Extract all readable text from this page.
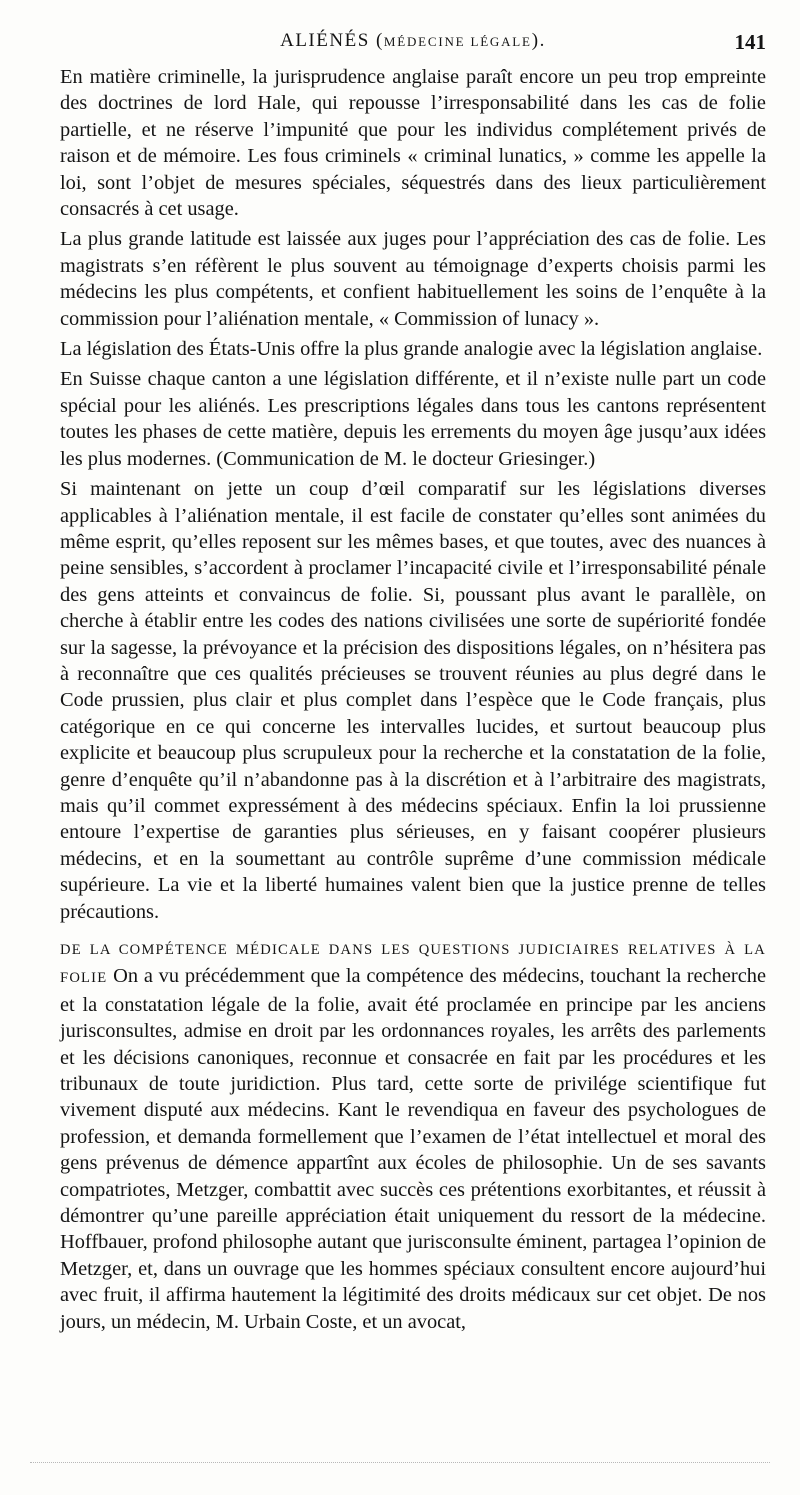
ALIÉNÉS (MÉDECINE LÉGALE).	141

En matière criminelle, la jurisprudence anglaise paraît encore un peu trop empreinte des doctrines de lord Hale, qui repousse l’irresponsabilité dans les cas de folie partielle, et ne réserve l’impunité que pour les individus complétement privés de raison et de mémoire. Les fous criminels « criminal lunatics, » comme les appelle la loi, sont l’objet de mesures spéciales, séquestrés dans des lieux particulièrement consacrés à cet usage.

La plus grande latitude est laissée aux juges pour l’appréciation des cas de folie. Les magistrats s’en réfèrent le plus souvent au témoignage d’experts choisis parmi les médecins les plus compétents, et confient habituellement les soins de l’enquête à la commission pour l’aliénation mentale, « Commission of lunacy ».

La législation des États-Unis offre la plus grande analogie avec la législation anglaise.

En Suisse chaque canton a une législation différente, et il n’existe nulle part un code spécial pour les aliénés. Les prescriptions légales dans tous les cantons représentent toutes les phases de cette matière, depuis les errements du moyen âge jusqu’aux idées les plus modernes. (Communication de M. le docteur Griesinger.)

Si maintenant on jette un coup d’œil comparatif sur les législations diverses applicables à l’aliénation mentale, il est facile de constater qu’elles sont animées du même esprit, qu’elles reposent sur les mêmes bases, et que toutes, avec des nuances à peine sensibles, s’accordent à proclamer l’incapacité civile et l’irresponsabilité pénale des gens atteints et convaincus de folie. Si, poussant plus avant le parallèle, on cherche à établir entre les codes des nations civilisées une sorte de supériorité fondée sur la sagesse, la prévoyance et la précision des dispositions légales, on n’hésitera pas à reconnaître que ces qualités précieuses se trouvent réunies au plus degré dans le Code prussien, plus clair et plus complet dans l’espèce que le Code français, plus catégorique en ce qui concerne les intervalles lucides, et surtout beaucoup plus explicite et beaucoup plus scrupuleux pour la recherche et la constatation de la folie, genre d’enquête qu’il n’abandonne pas à la discrétion et à l’arbitraire des magistrats, mais qu’il commet expressément à des médecins spéciaux. Enfin la loi prussienne entoure l’expertise de garanties plus sérieuses, en y faisant coopérer plusieurs médecins, et en la soumettant au contrôle suprême d’une commission médicale supérieure. La vie et la liberté humaines valent bien que la justice prenne de telles précautions.

DE LA COMPÉTENCE MÉDICALE DANS LES QUESTIONS JUDICIAIRES RELATIVES À LA FOLIE On a vu précédemment que la compétence des médecins, touchant la recherche et la constatation légale de la folie, avait été proclamée en principe par les anciens jurisconsultes, admise en droit par les ordonnances royales, les arrêts des parlements et les décisions canoniques, reconnue et consacrée en fait par les procédures et les tribunaux de toute juridiction. Plus tard, cette sorte de privilége scientifique fut vivement disputé aux médecins. Kant le revendiqua en faveur des psychologues de profession, et demanda formellement que l’examen de l’état intellectuel et moral des gens prévenus de démence appartînt aux écoles de philosophie. Un de ses savants compatriotes, Metzger, combattit avec succès ces prétentions exorbitantes, et réussit à démontrer qu’une pareille appréciation était uniquement du ressort de la médecine. Hoffbauer, profond philosophe autant que jurisconsulte éminent, partagea l’opinion de Metzger, et, dans un ouvrage que les hommes spéciaux consultent encore aujourd’hui avec fruit, il affirma hautement la légitimité des droits médicaux sur cet objet. De nos jours, un médecin, M. Urbain Coste, et un avocat,
